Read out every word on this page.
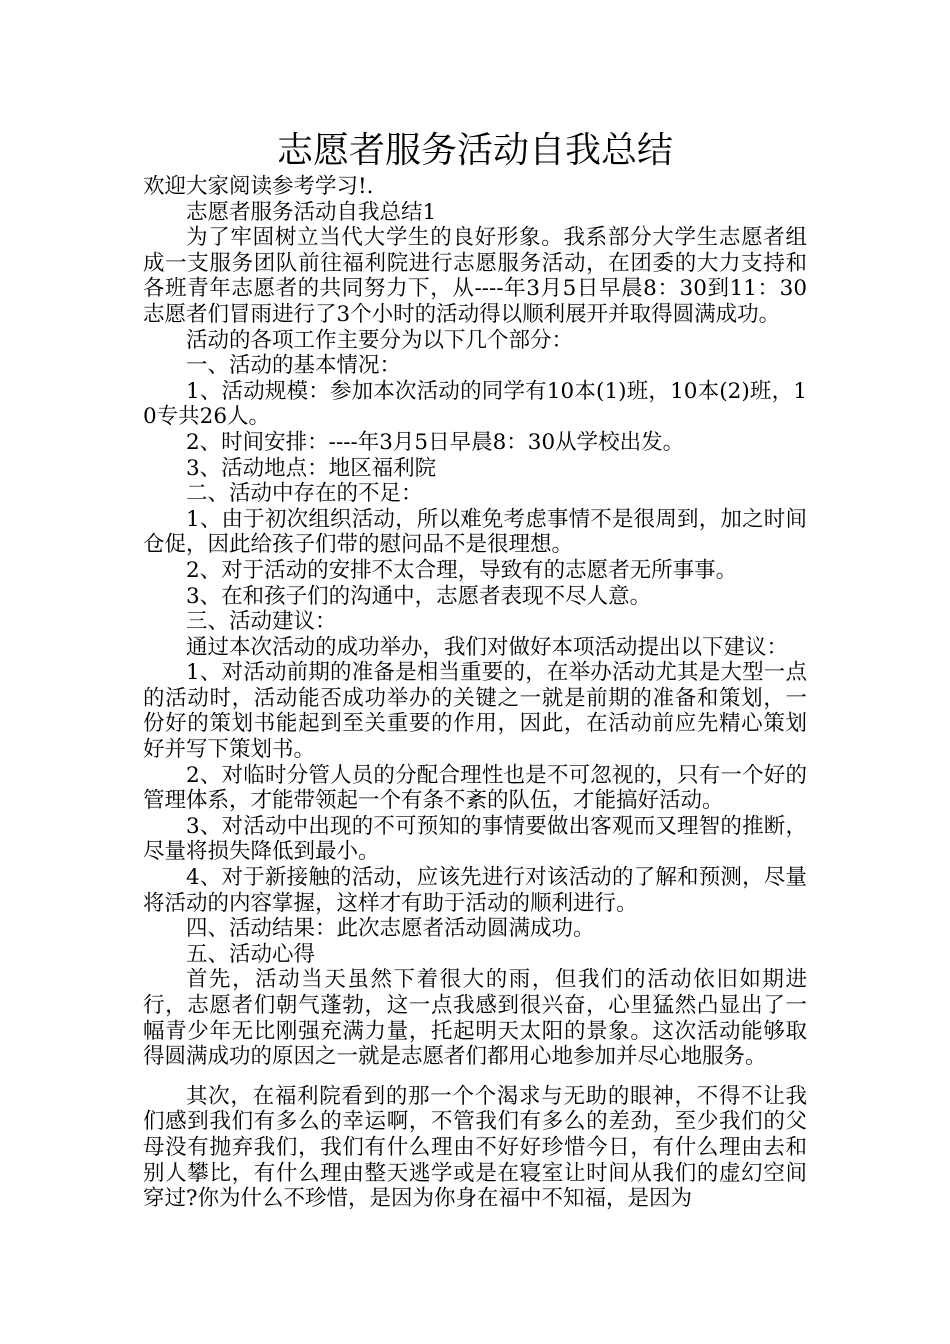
志愿者服务活动自我总结

欢迎大家阅读参考学习!.

志愿者服务活动自我总结1

为了牢固树立当代大学生的良好形象。我系部分大学生志愿者组成一支服务团队前往福利院进行志愿服务活动，在团委的大力支持和各班青年志愿者的共同努力下，从----年3月5日早晨8：30到11：30志愿者们冒雨进行了3个小时的活动得以顺利展开并取得圆满成功。

活动的各项工作主要分为以下几个部分：

一、活动的基本情况：

1、活动规模：参加本次活动的同学有10本(1)班，10本(2)班，10专共26人。

2、时间安排：----年3月5日早晨8：30从学校出发。

3、活动地点：地区福利院

二、活动中存在的不足：

1、由于初次组织活动，所以难免考虑事情不是很周到，加之时间仓促，因此给孩子们带的慰问品不是很理想。

2、对于活动的安排不太合理，导致有的志愿者无所事事。

3、在和孩子们的沟通中，志愿者表现不尽人意。

三、活动建议：

通过本次活动的成功举办，我们对做好本项活动提出以下建议：

1、对活动前期的准备是相当重要的，在举办活动尤其是大型一点的活动时，活动能否成功举办的关键之一就是前期的准备和策划，一份好的策划书能起到至关重要的作用，因此，在活动前应先精心策划好并写下策划书。

2、对临时分管人员的分配合理性也是不可忽视的，只有一个好的管理体系，才能带领起一个有条不紊的队伍，才能搞好活动。

3、对活动中出现的不可预知的事情要做出客观而又理智的推断，尽量将损失降低到最小。

4、对于新接触的活动，应该先进行对该活动的了解和预测，尽量将活动的内容掌握，这样才有助于活动的顺利进行。

四、活动结果：此次志愿者活动圆满成功。

五、活动心得

首先，活动当天虽然下着很大的雨，但我们的活动依旧如期进行，志愿者们朝气蓬勃，这一点我感到很兴奋，心里猛然凸显出了一幅青少年无比刚强充满力量，托起明天太阳的景象。这次活动能够取得圆满成功的原因之一就是志愿者们都用心地参加并尽心地服务。

其次，在福利院看到的那一个个渴求与无助的眼神，不得不让我们感到我们有多么的幸运啊，不管我们有多么的差劲，至少我们的父母没有抛弃我们，我们有什么理由不好好珍惜今日，有什么理由去和别人攀比，有什么理由整天逃学或是在寝室让时间从我们的虚幻空间穿过?你为什么不珍惜，是因为你身在福中不知福，是因为
